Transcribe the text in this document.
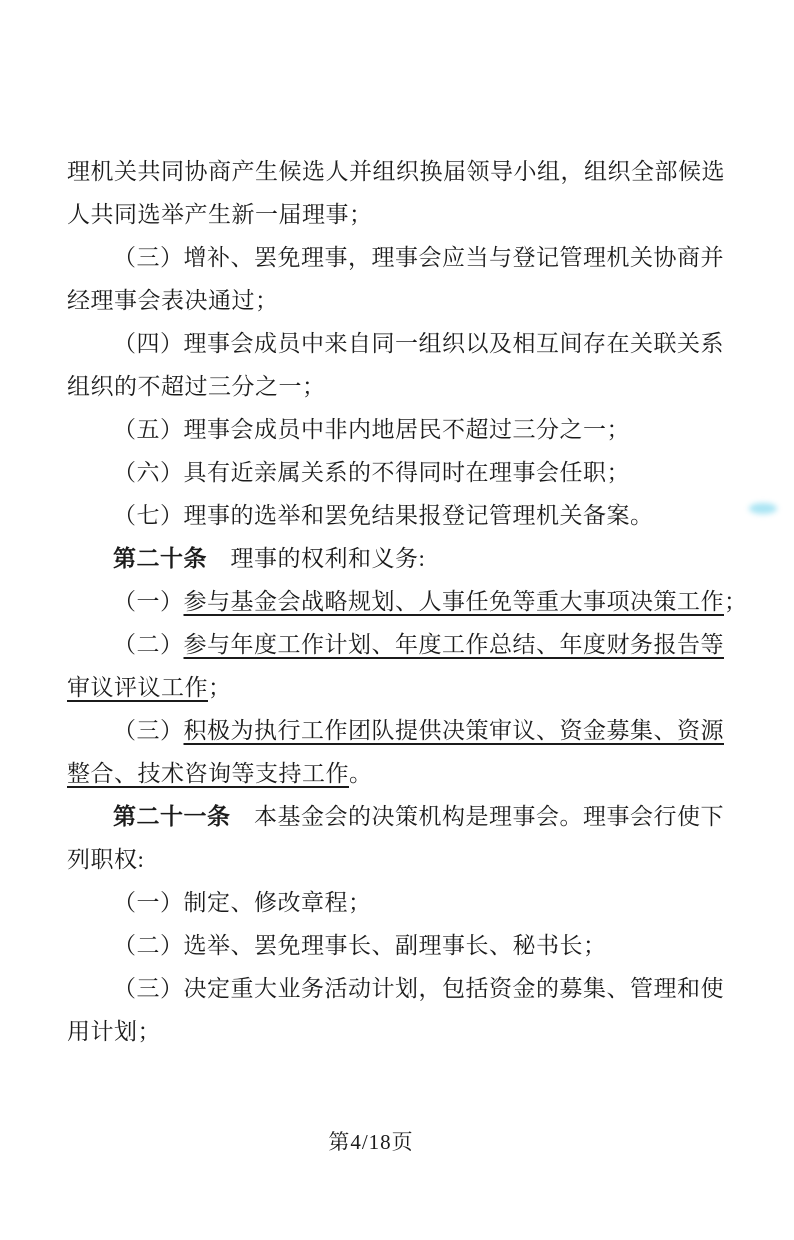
理机关共同协商产生候选人并组织换届领导小组，组织全部候选
人共同选举产生新一届理事；
（三）增补、罢免理事，理事会应当与登记管理机关协商并
经理事会表决通过；
（四）理事会成员中来自同一组织以及相互间存在关联关系
组织的不超过三分之一；
（五）理事会成员中非内地居民不超过三分之一；
（六）具有近亲属关系的不得同时在理事会任职；
（七）理事的选举和罢免结果报登记管理机关备案。
第二十条　理事的权利和义务:
（一）参与基金会战略规划、人事任免等重大事项决策工作；
（二）参与年度工作计划、年度工作总结、年度财务报告等
审议评议工作；
（三）积极为执行工作团队提供决策审议、资金募集、资源
整合、技术咨询等支持工作。
第二十一条　本基金会的决策机构是理事会。理事会行使下
列职权:
（一）制定、修改章程；
（二）选举、罢免理事长、副理事长、秘书长；
（三）决定重大业务活动计划，包括资金的募集、管理和使
用计划；
第4/18页
